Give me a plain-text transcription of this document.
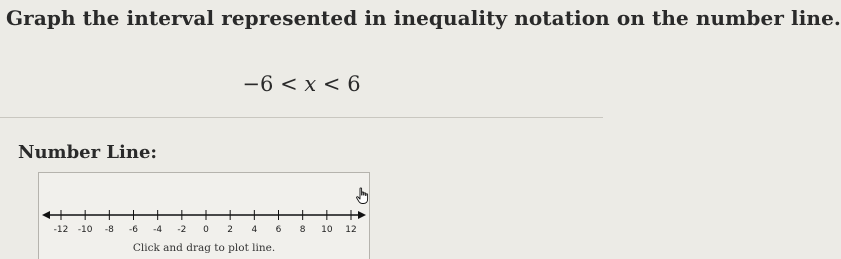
Graph the interval represented in inequality notation on the number line.
−6 < x < 6
Number Line:
-12 -10 -8 -6 -4 -2 0 2 4 6 8 10 12
Click and drag to plot line.
